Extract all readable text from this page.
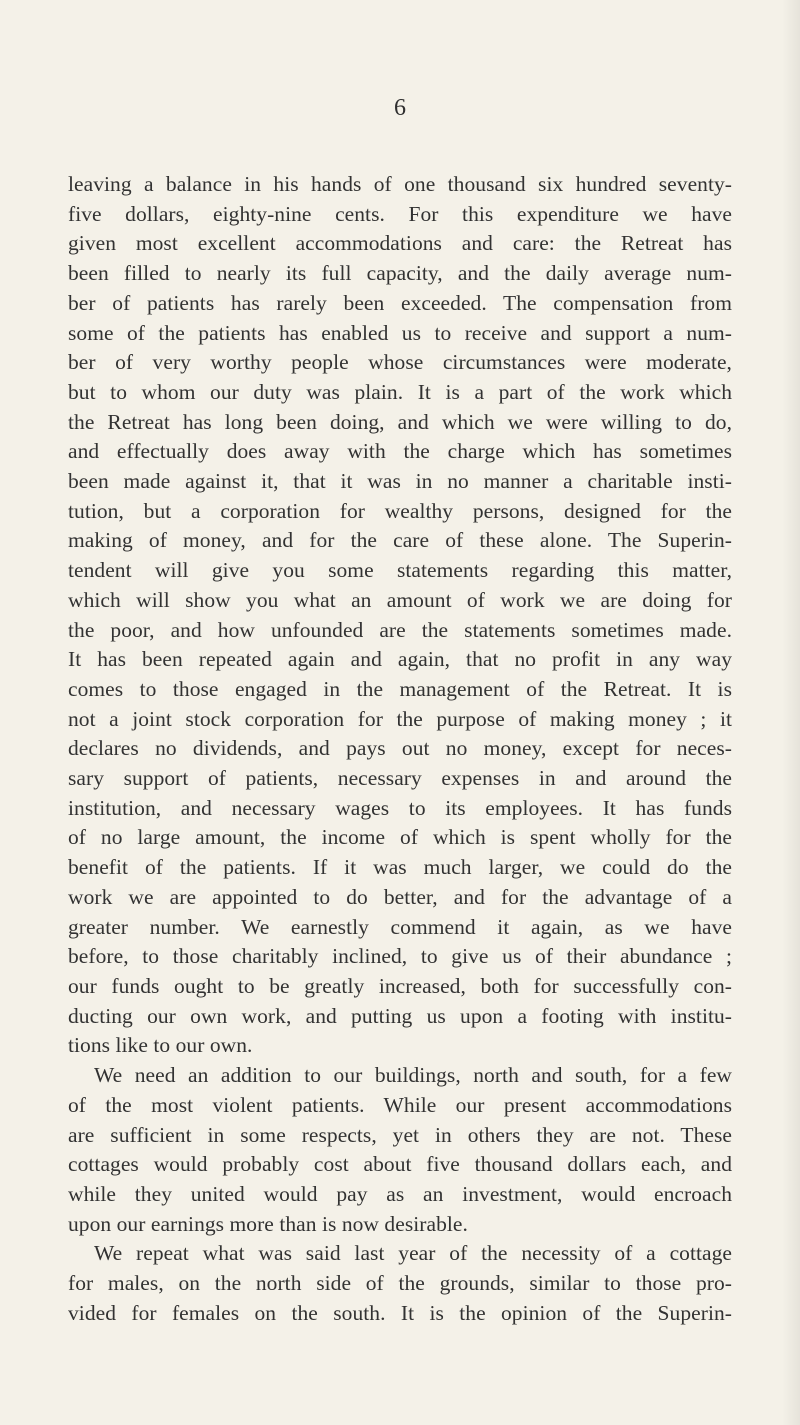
6
leaving a balance in his hands of one thousand six hundred seventy-
five dollars, eighty-nine cents. For this expenditure we have
given most excellent accommodations and care: the Retreat has
been filled to nearly its full capacity, and the daily average num-
ber of patients has rarely been exceeded. The compensation from
some of the patients has enabled us to receive and support a num-
ber of very worthy people whose circumstances were moderate,
but to whom our duty was plain. It is a part of the work which
the Retreat has long been doing, and which we were willing to do,
and effectually does away with the charge which has sometimes
been made against it, that it was in no manner a charitable insti-
tution, but a corporation for wealthy persons, designed for the
making of money, and for the care of these alone. The Superin-
tendent will give you some statements regarding this matter,
which will show you what an amount of work we are doing for
the poor, and how unfounded are the statements sometimes made.
It has been repeated again and again, that no profit in any way
comes to those engaged in the management of the Retreat. It is
not a joint stock corporation for the purpose of making money ; it
declares no dividends, and pays out no money, except for neces-
sary support of patients, necessary expenses in and around the
institution, and necessary wages to its employees. It has funds
of no large amount, the income of which is spent wholly for the
benefit of the patients. If it was much larger, we could do the
work we are appointed to do better, and for the advantage of a
greater number. We earnestly commend it again, as we have
before, to those charitably inclined, to give us of their abundance ;
our funds ought to be greatly increased, both for successfully con-
ducting our own work, and putting us upon a footing with institu-
tions like to our own.
We need an addition to our buildings, north and south, for a few
of the most violent patients. While our present accommodations
are sufficient in some respects, yet in others they are not. These
cottages would probably cost about five thousand dollars each, and
while they united would pay as an investment, would encroach
upon our earnings more than is now desirable.
We repeat what was said last year of the necessity of a cottage
for males, on the north side of the grounds, similar to those pro-
vided for females on the south. It is the opinion of the Superin-
